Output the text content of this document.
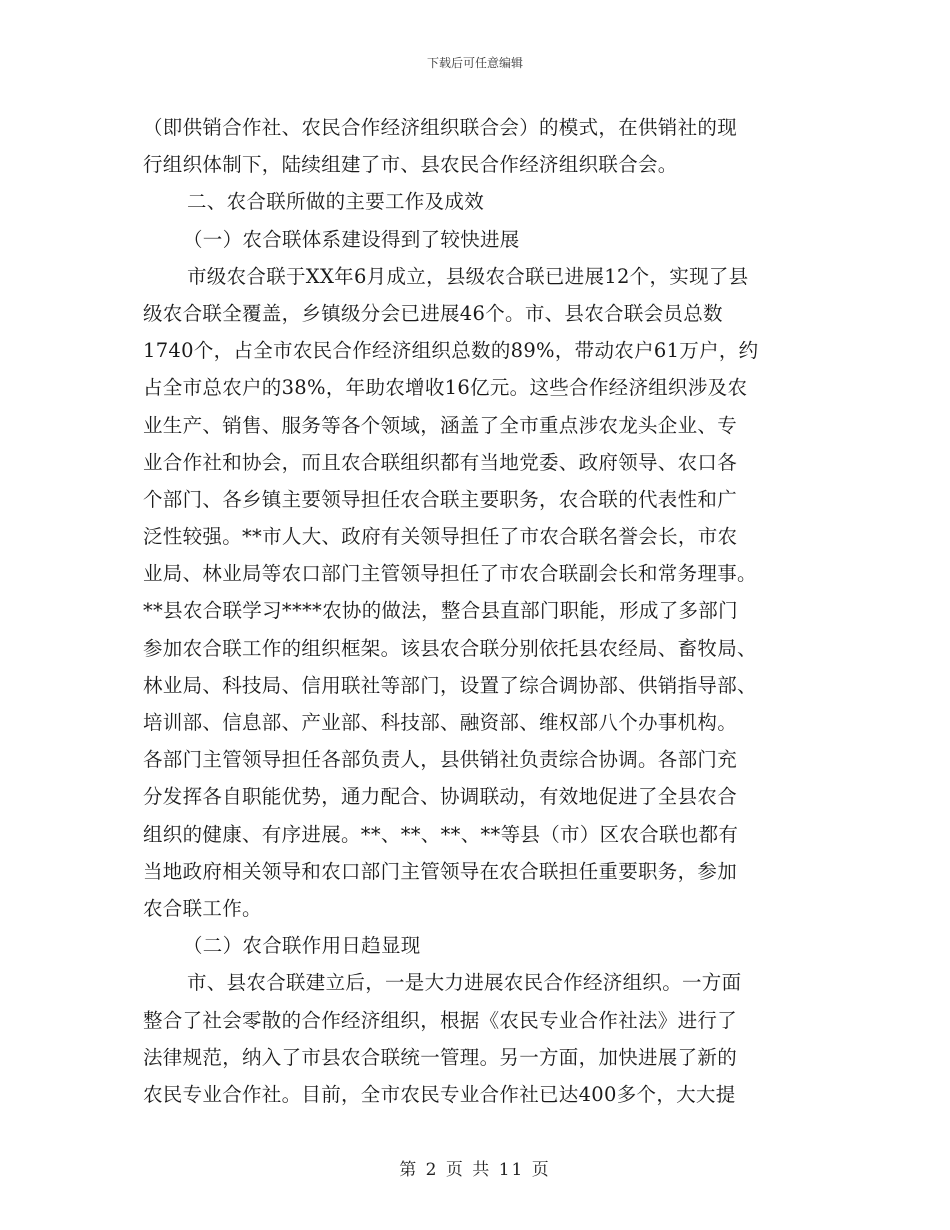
下载后可任意编辑
（即供销合作社、农民合作经济组织联合会）的模式，在供销社的现
行组织体制下，陆续组建了市、县农民合作经济组织联合会。
二、农合联所做的主要工作及成效
（一）农合联体系建设得到了较快进展
市级农合联于XX年6月成立，县级农合联已进展12个，实现了县
级农合联全覆盖，乡镇级分会已进展46个。市、县农合联会员总数
1740个，占全市农民合作经济组织总数的89%，带动农户61万户，约
占全市总农户的38%，年助农增收16亿元。这些合作经济组织涉及农
业生产、销售、服务等各个领域，涵盖了全市重点涉农龙头企业、专
业合作社和协会，而且农合联组织都有当地党委、政府领导、农口各
个部门、各乡镇主要领导担任农合联主要职务，农合联的代表性和广
泛性较强。**市人大、政府有关领导担任了市农合联名誉会长，市农
业局、林业局等农口部门主管领导担任了市农合联副会长和常务理事。
**县农合联学习****农协的做法，整合县直部门职能，形成了多部门
参加农合联工作的组织框架。该县农合联分别依托县农经局、畜牧局、
林业局、科技局、信用联社等部门，设置了综合调协部、供销指导部、
培训部、信息部、产业部、科技部、融资部、维权部八个办事机构。
各部门主管领导担任各部负责人，县供销社负责综合协调。各部门充
分发挥各自职能优势，通力配合、协调联动，有效地促进了全县农合
组织的健康、有序进展。**、**、**、**等县（市）区农合联也都有
当地政府相关领导和农口部门主管领导在农合联担任重要职务，参加
农合联工作。
（二）农合联作用日趋显现
市、县农合联建立后，一是大力进展农民合作经济组织。一方面
整合了社会零散的合作经济组织，根据《农民专业合作社法》进行了
法律规范，纳入了市县农合联统一管理。另一方面，加快进展了新的
农民专业合作社。目前，全市农民专业合作社已达400多个，大大提
第 2 页 共 11 页
